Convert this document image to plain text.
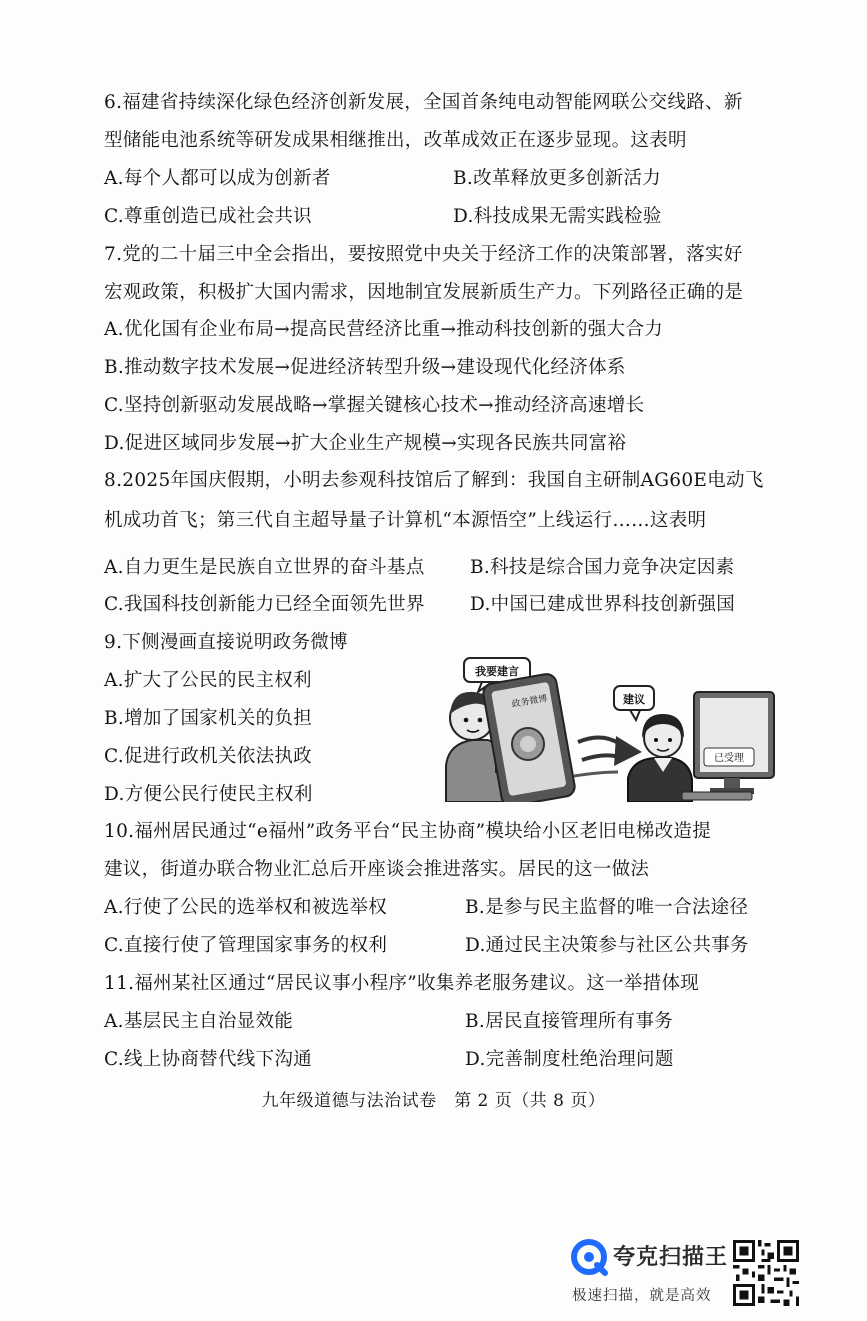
6.福建省持续深化绿色经济创新发展，全国首条纯电动智能网联公交线路、新
型储能电池系统等研发成果相继推出，改革成效正在逐步显现。这表明
A.每个人都可以成为创新者	B.改革释放更多创新活力
C.尊重创造已成社会共识	D.科技成果无需实践检验
7.党的二十届三中全会指出，要按照党中央关于经济工作的决策部署，落实好
宏观政策，积极扩大国内需求，因地制宜发展新质生产力。下列路径正确的是
A.优化国有企业布局→提高民营经济比重→推动科技创新的强大合力
B.推动数字技术发展→促进经济转型升级→建设现代化经济体系
C.坚持创新驱动发展战略→掌握关键核心技术→推动经济高速增长
D.促进区域同步发展→扩大企业生产规模→实现各民族共同富裕
8.2025年国庆假期，小明去参观科技馆后了解到：我国自主研制AG60E电动飞
机成功首飞；第三代自主超导量子计算机“本源悟空”上线运行……这表明
A.自力更生是民族自立世界的奋斗基点 B.科技是综合国力竞争决定因素
C.我国科技创新能力已经全面领先世界 D.中国已建成世界科技创新强国
9.下侧漫画直接说明政务微博
A.扩大了公民的民主权利
B.增加了国家机关的负担
C.促进行政机关依法执政
D.方便公民行使民主权利
我要建言
政务微博	建议
已受理
10.福州居民通过“e福州”政务平台“民主协商”模块给小区老旧电梯改造提
建议，街道办联合物业汇总后开座谈会推进落实。居民的这一做法
A.行使了公民的选举权和被选举权	B.是参与民主监督的唯一合法途径
C.直接行使了管理国家事务的权利	D.通过民主决策参与社区公共事务
11.福州某社区通过“居民议事小程序”收集养老服务建议。这一举措体现
A.基层民主自治显效能	B.居民直接管理所有事务
C.线上协商替代线下沟通	D.完善制度杜绝治理问题
九年级道德与法治试卷　第 2 页（共 8 页）
夸克扫描王
极速扫描，就是高效
